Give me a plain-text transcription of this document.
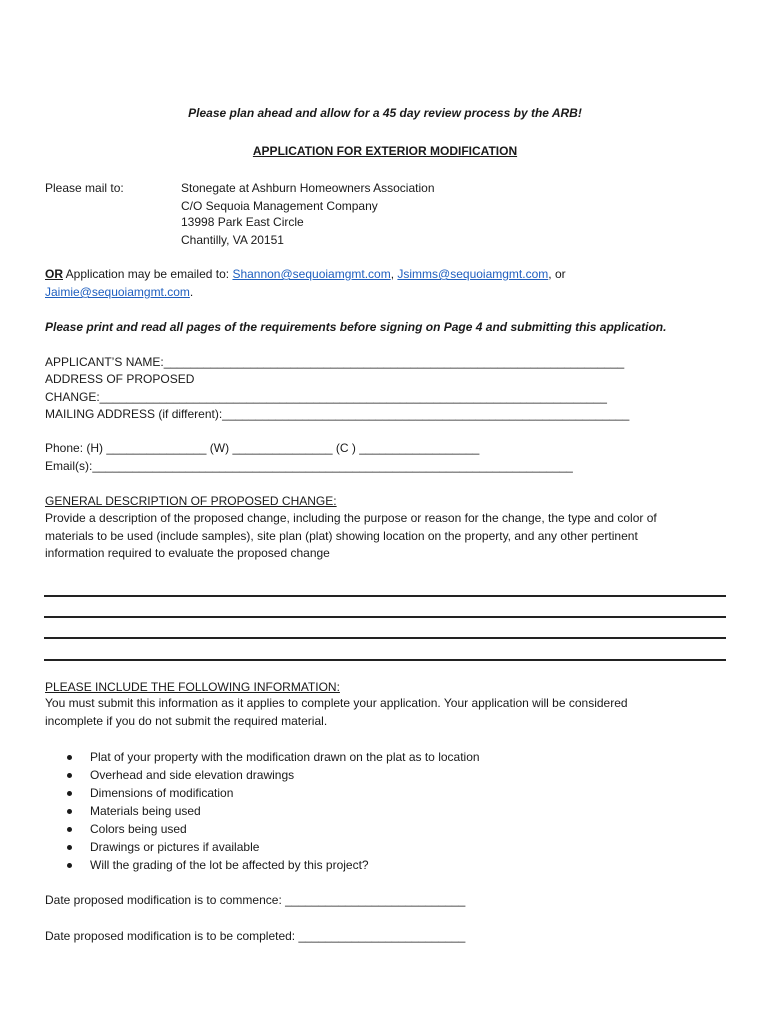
Please plan ahead and allow for a 45 day review process by the ARB!
APPLICATION FOR EXTERIOR MODIFICATION
Please mail to:	Stonegate at Ashburn Homeowners Association
C/O Sequoia Management Company
13998 Park East Circle
Chantilly, VA 20151
OR Application may be emailed to: Shannon@sequoiamgmt.com, Jsimms@sequoiamgmt.com, or
Jaimie@sequoiamgmt.com.
Please print and read all pages of the requirements before signing on Page 4 and submitting this application.
APPLICANT’S NAME:_____________________________________________________________________
ADDRESS OF PROPOSED
CHANGE:____________________________________________________________________________
MAILING ADDRESS (if different):_____________________________________________________________
Phone: (H) _______________ (W) _______________ (C ) __________________
Email(s):________________________________________________________________________
GENERAL DESCRIPTION OF PROPOSED CHANGE:
Provide a description of the proposed change, including the purpose or reason for the change, the type and color of
materials to be used (include samples), site plan (plat) showing location on the property, and any other pertinent
information required to evaluate the proposed change
PLEASE INCLUDE THE FOLLOWING INFORMATION:
You must submit this information as it applies to complete your application. Your application will be considered
incomplete if you do not submit the required material.
Plat of your property with the modification drawn on the plat as to location
Overhead and side elevation drawings
Dimensions of modification
Materials being used
Colors being used
Drawings or pictures if available
Will the grading of the lot be affected by this project?
Date proposed modification is to commence: ___________________________
Date proposed modification is to be completed: _________________________
